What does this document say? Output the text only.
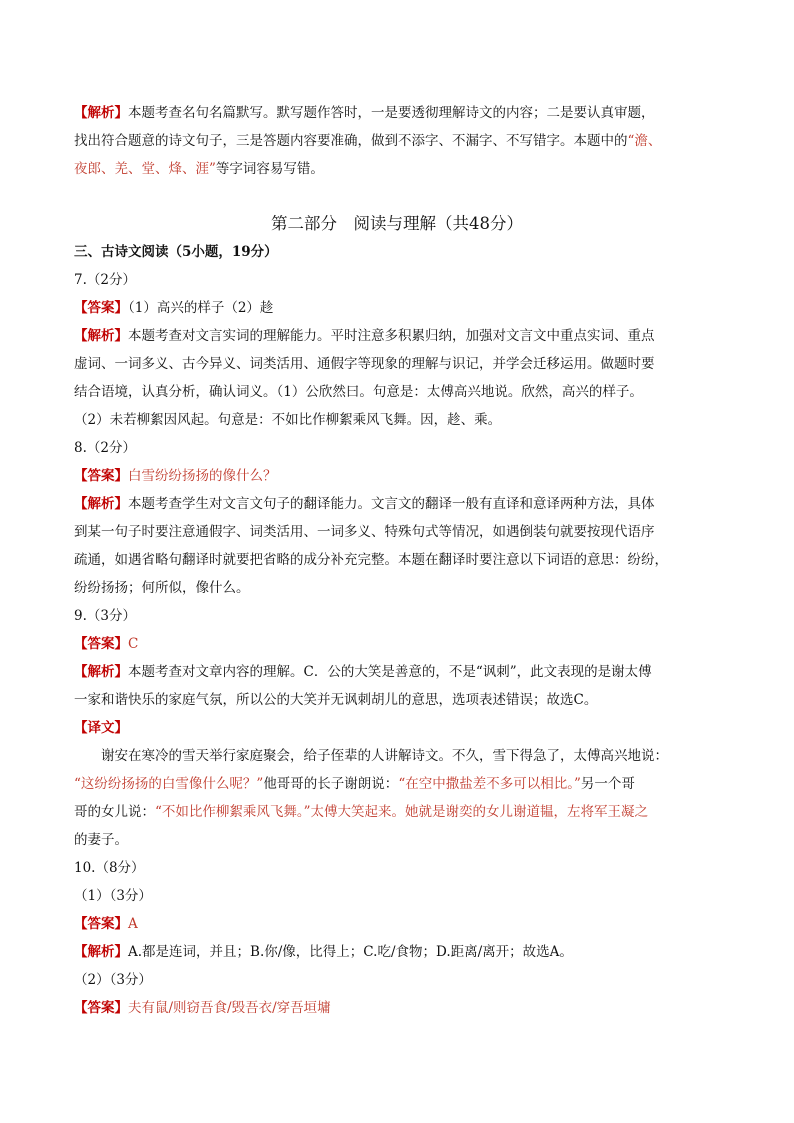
【解析】本题考查名句名篇默写。默写题作答时，一是要透彻理解诗文的内容；二是要认真审题，
找出符合题意的诗文句子，三是答题内容要准确，做到不添字、不漏字、不写错字。本题中的“澹、
夜郎、羌、堂、烽、涯”等字词容易写错。
第二部分　阅读与理解（共48分）
三、古诗文阅读（5小题，19分）
7.（2分）
【答案】（1）高兴的样子（2）趁
【解析】本题考查对文言实词的理解能力。平时注意多积累归纳，加强对文言文中重点实词、重点
虚词、一词多义、古今异义、词类活用、通假字等现象的理解与识记，并学会迁移运用。做题时要
结合语境，认真分析，确认词义。（1）公欣然曰。句意是：太傅高兴地说。欣然，高兴的样子。
（2）未若柳絮因风起。句意是：不如比作柳絮乘风飞舞。因，趁、乘。
8.（2分）
【答案】白雪纷纷扬扬的像什么？
【解析】本题考查学生对文言文句子的翻译能力。文言文的翻译一般有直译和意译两种方法，具体
到某一句子时要注意通假字、词类活用、一词多义、特殊句式等情况，如遇倒装句就要按现代语序
疏通，如遇省略句翻译时就要把省略的成分补充完整。本题在翻译时要注意以下词语的意思：纷纷，
纷纷扬扬；何所似，像什么。
9.（3分）
【答案】C
【解析】本题考查对文章内容的理解。C．公的大笑是善意的，不是“讽刺”，此文表现的是谢太傅
一家和谐快乐的家庭气氛，所以公的大笑并无讽刺胡儿的意思，选项表述错误；故选C。
【译文】
谢安在寒冷的雪天举行家庭聚会，给子侄辈的人讲解诗文。不久，雪下得急了，太傅高兴地说：
“这纷纷扬扬的白雪像什么呢？”他哥哥的长子谢朗说：“在空中撒盐差不多可以相比。”另一个哥
哥的女儿说：“不如比作柳絮乘风飞舞。”太傅大笑起来。她就是谢奕的女儿谢道韫，左将军王凝之
的妻子。
10.（8分）
（1）（3分）
【答案】A
【解析】A.都是连词，并且；B.你/像，比得上；C.吃/食物；D.距离/离开；故选A。
（2）（3分）
【答案】夫有鼠/则窃吾食/毁吾衣/穿吾垣墉
